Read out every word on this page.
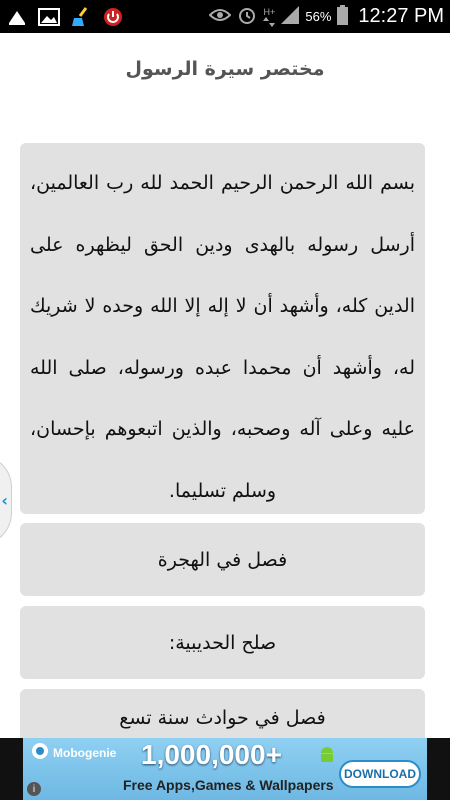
H+ 56% 12:27 PM
مختصر سيرة الرسول
بسم الله الرحمن الرحيم الحمد لله رب العالمين، أرسل رسوله بالهدى ودين الحق ليظهره على الدين كله، وأشهد أن لا إله إلا الله وحده لا شريك له، وأشهد أن محمدا عبده ورسوله، صلى الله عليه وعلى آله وصحبه، والذين اتبعوهم بإحسان، وسلم تسليما.
فصل في الهجرة
صلح الحديبية:
فصل في حوادث سنة تسع
‹
Mobogenie 1,000,000+
Free Apps,Games & Wallpapers
DOWNLOAD
i
